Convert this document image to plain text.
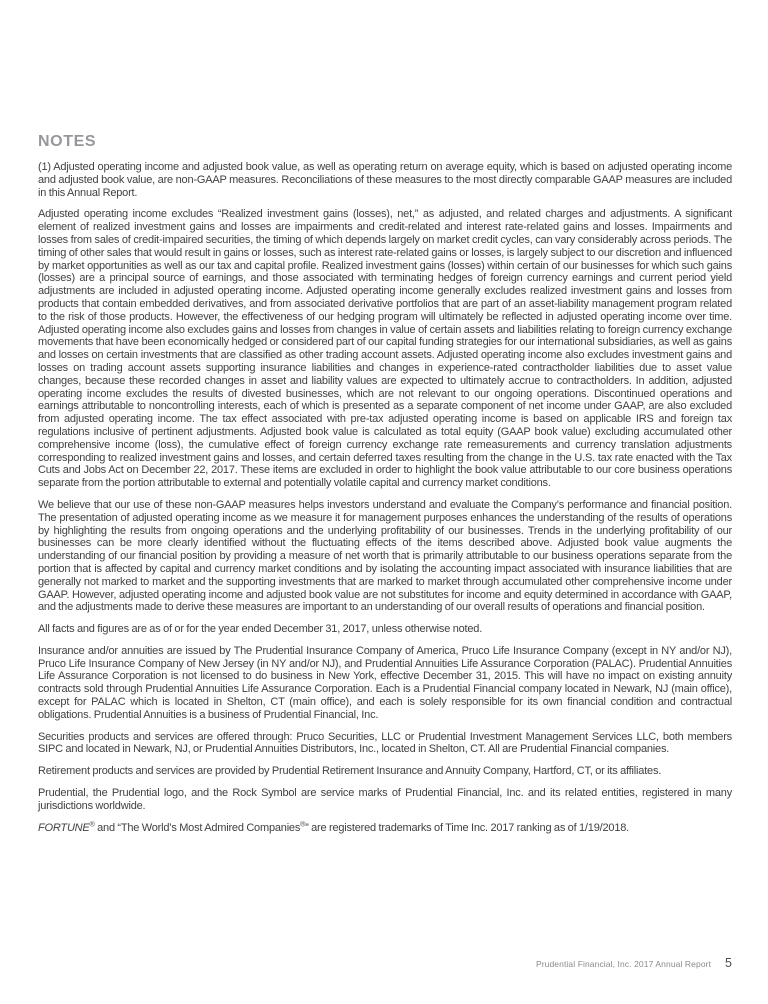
NOTES

(1) Adjusted operating income and adjusted book value, as well as operating return on average equity, which is based on adjusted operating income and adjusted book value, are non-GAAP measures. Reconciliations of these measures to the most directly comparable GAAP measures are included in this Annual Report.

Adjusted operating income excludes “Realized investment gains (losses), net,” as adjusted, and related charges and adjustments. A significant element of realized investment gains and losses are impairments and credit-related and interest rate-related gains and losses. Impairments and losses from sales of credit-impaired securities, the timing of which depends largely on market credit cycles, can vary considerably across periods. The timing of other sales that would result in gains or losses, such as interest rate-related gains or losses, is largely subject to our discretion and influenced by market opportunities as well as our tax and capital profile. Realized investment gains (losses) within certain of our businesses for which such gains (losses) are a principal source of earnings, and those associated with terminating hedges of foreign currency earnings and current period yield adjustments are included in adjusted operating income. Adjusted operating income generally excludes realized investment gains and losses from products that contain embedded derivatives, and from associated derivative portfolios that are part of an asset-liability management program related to the risk of those products. However, the effectiveness of our hedging program will ultimately be reflected in adjusted operating income over time. Adjusted operating income also excludes gains and losses from changes in value of certain assets and liabilities relating to foreign currency exchange movements that have been economically hedged or considered part of our capital funding strategies for our international subsidiaries, as well as gains and losses on certain investments that are classified as other trading account assets. Adjusted operating income also excludes investment gains and losses on trading account assets supporting insurance liabilities and changes in experience-rated contractholder liabilities due to asset value changes, because these recorded changes in asset and liability values are expected to ultimately accrue to contractholders. In addition, adjusted operating income excludes the results of divested businesses, which are not relevant to our ongoing operations. Discontinued operations and earnings attributable to noncontrolling interests, each of which is presented as a separate component of net income under GAAP, are also excluded from adjusted operating income. The tax effect associated with pre-tax adjusted operating income is based on applicable IRS and foreign tax regulations inclusive of pertinent adjustments. Adjusted book value is calculated as total equity (GAAP book value) excluding accumulated other comprehensive income (loss), the cumulative effect of foreign currency exchange rate remeasurements and currency translation adjustments corresponding to realized investment gains and losses, and certain deferred taxes resulting from the change in the U.S. tax rate enacted with the Tax Cuts and Jobs Act on December 22, 2017. These items are excluded in order to highlight the book value attributable to our core business operations separate from the portion attributable to external and potentially volatile capital and currency market conditions.

We believe that our use of these non-GAAP measures helps investors understand and evaluate the Company’s performance and financial position. The presentation of adjusted operating income as we measure it for management purposes enhances the understanding of the results of operations by highlighting the results from ongoing operations and the underlying profitability of our businesses. Trends in the underlying profitability of our businesses can be more clearly identified without the fluctuating effects of the items described above. Adjusted book value augments the understanding of our financial position by providing a measure of net worth that is primarily attributable to our business operations separate from the portion that is affected by capital and currency market conditions and by isolating the accounting impact associated with insurance liabilities that are generally not marked to market and the supporting investments that are marked to market through accumulated other comprehensive income under GAAP. However, adjusted operating income and adjusted book value are not substitutes for income and equity determined in accordance with GAAP, and the adjustments made to derive these measures are important to an understanding of our overall results of operations and financial position.

All facts and figures are as of or for the year ended December 31, 2017, unless otherwise noted.

Insurance and/or annuities are issued by The Prudential Insurance Company of America, Pruco Life Insurance Company (except in NY and/or NJ), Pruco Life Insurance Company of New Jersey (in NY and/or NJ), and Prudential Annuities Life Assurance Corporation (PALAC). Prudential Annuities Life Assurance Corporation is not licensed to do business in New York, effective December 31, 2015. This will have no impact on existing annuity contracts sold through Prudential Annuities Life Assurance Corporation. Each is a Prudential Financial company located in Newark, NJ (main office), except for PALAC which is located in Shelton, CT (main office), and each is solely responsible for its own financial condition and contractual obligations. Prudential Annuities is a business of Prudential Financial, Inc.

Securities products and services are offered through: Pruco Securities, LLC or Prudential Investment Management Services LLC, both members SIPC and located in Newark, NJ, or Prudential Annuities Distributors, Inc., located in Shelton, CT. All are Prudential Financial companies.

Retirement products and services are provided by Prudential Retirement Insurance and Annuity Company, Hartford, CT, or its affiliates.

Prudential, the Prudential logo, and the Rock Symbol are service marks of Prudential Financial, Inc. and its related entities, registered in many jurisdictions worldwide.

FORTUNE® and “The World’s Most Admired Companies®” are registered trademarks of Time Inc. 2017 ranking as of 1/19/2018.

Prudential Financial, Inc. 2017 Annual Report 5
